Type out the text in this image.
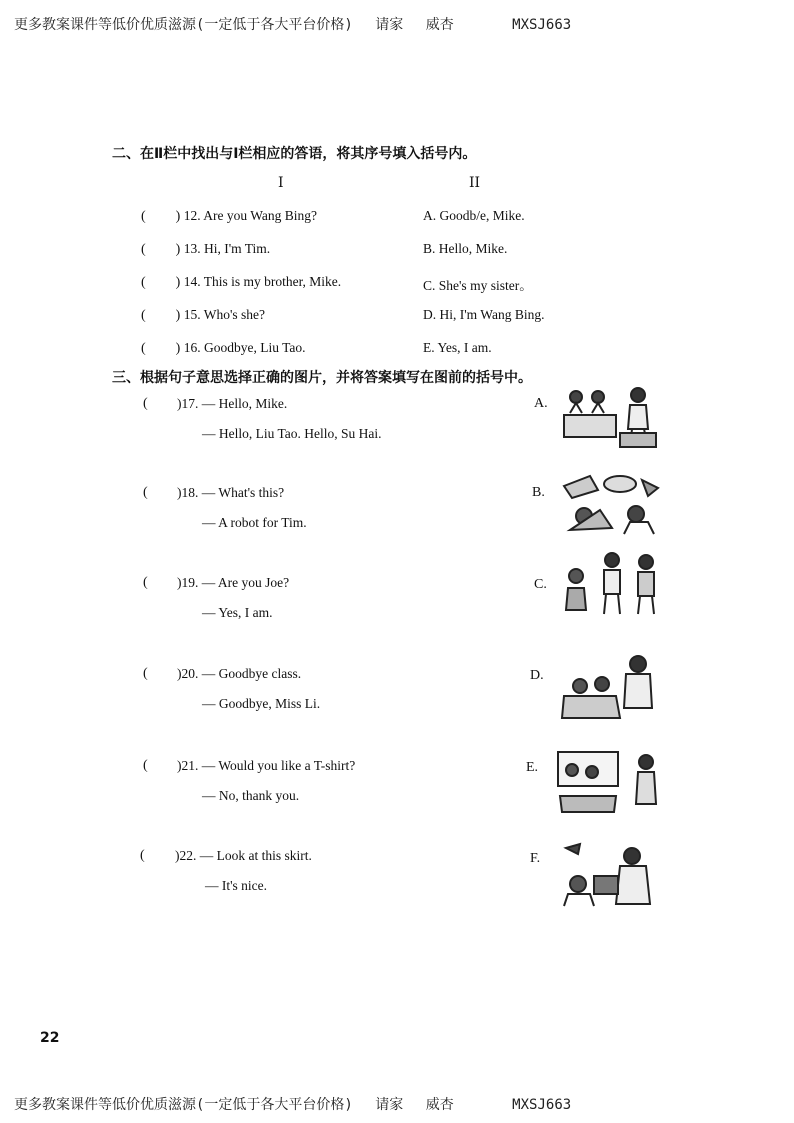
更多教案课件等低价优质滋源(一定低于各大平台价格) 请家 威杏	MXSJ663
二、在Ⅱ栏中找出与Ⅰ栏相应的答语，将其序号填入括号内。
I	II
( ) 12. Are you Wang Bing?	A. Goodb/e, Mike.
( ) 13. Hi, I'm Tim.	B. Hello, Mike.
( ) 14. This is my brother, Mike.	C. She's my sister。
( ) 15. Who's she?	D. Hi, I'm Wang Bing.
( ) 16. Goodbye, Liu Tao.	E. Yes, I am.
三、根据句子意思选择正确的图片，并将答案填写在图前的括号中。
( )17. — Hello, Mike.
— Hello, Liu Tao. Hello, Su Hai.
A.
( )18. — What's this?
— A robot for Tim.
B.
( )19. — Are you Joe?
— Yes, I am.
C.
( )20. — Goodbye class.
— Goodbye, Miss Li.
D.
( )21. — Would you like a T-shirt?
— No, thank you.
E.
( )22. — Look at this skirt.
— It's nice.
F.
22
更多教案课件等低价优质滋源(一定低于各大平台价格) 请家 威杏	MXSJ663
